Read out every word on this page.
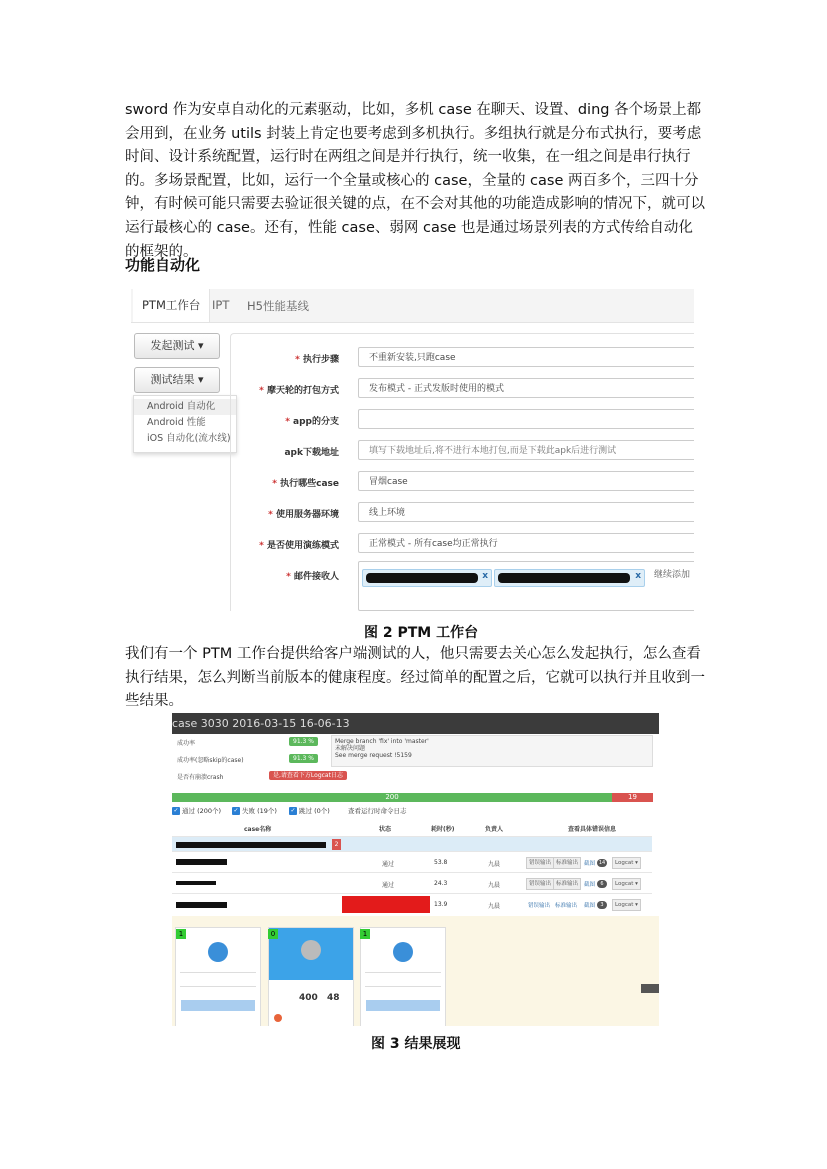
sword 作为安卓自动化的元素驱动，比如，多机 case 在聊天、设置、ding 各个场景上都会用到，在业务 utils 封装上肯定也要考虑到多机执行。多组执行就是分布式执行，要考虑时间、设计系统配置，运行时在两组之间是并行执行，统一收集，在一组之间是串行执行的。多场景配置，比如，运行一个全量或核心的 case，全量的 case 两百多个，三四十分钟，有时候可能只需要去验证很关键的点，在不会对其他的功能造成影响的情况下，就可以运行最核心的 case。还有，性能 case、弱网 case 也是通过场景列表的方式传给自动化的框架的。
功能自动化
PTM工作台	IPT H5性能基线
发起测试 ▾
测试结果 ▾
Android 自动化
Android 性能
iOS 自动化(流水线)
* 执行步骤	不重新安装,只跑case
* 摩天轮的打包方式	发布模式 - 正式发版时使用的模式
* app的分支
apk下载地址	填写下载地址后,将不进行本地打包,而是下载此apk后进行测试
* 执行哪些case	冒烟case
* 使用服务器环境	线上环境
* 是否使用演练模式	正常模式 - 所有case均正常执行
* 邮件接收人	x	x 继续添加
图 2 PTM 工作台
我们有一个 PTM 工作台提供给客户端测试的人，他只需要去关心怎么发起执行，怎么查看执行结果，怎么判断当前版本的健康程度。经过简单的配置之后，它就可以执行并且收到一些结果。
case 3030 2016-03-15 16-06-13
成功率	91.3 %
成功率(忽略skip的case)	91.3 %
是否有崩溃crash	是,请查看下方Logcat日志
Merge branch 'fix' into 'master'
未解决问题
See merge request !5159
200	19
✓ 通过 (200个) ✓ 失败 (19个) ✓ 跳过 (0个)	查看运行时命令日志
case名称	状态	耗时(秒)	负责人	查看具体错误信息
2
通过	53.8	九晨	错误输出 标准输出	截图 14	Logcat ▾
通过	24.3	九晨	错误输出 标准输出	截图	6	Logcat ▾
13.9	九晨	错误输出 标准输出 截图	3	Logcat ▾
400 48
1	0	1
图 3 结果展现
